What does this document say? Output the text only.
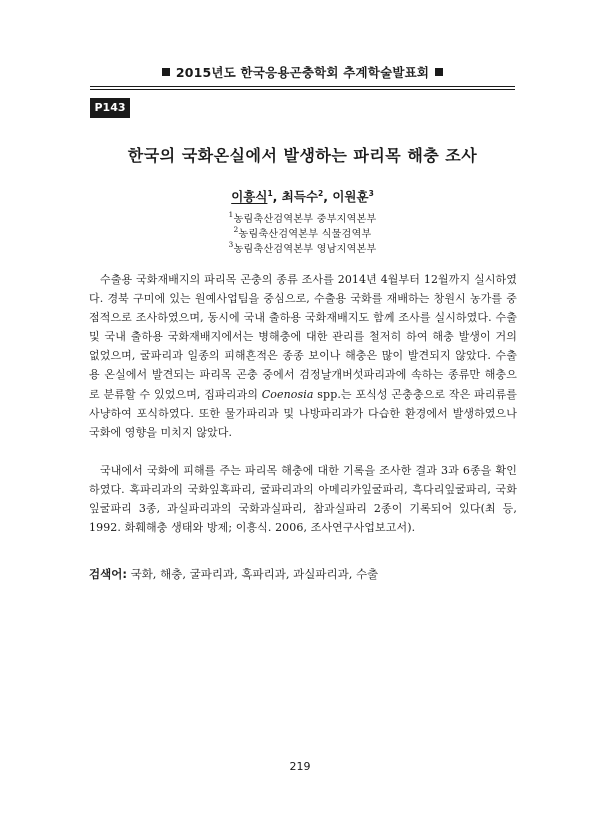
2015년도 한국응용곤충학회 추계학술발표회
P143
한국의 국화온실에서 발생하는 파리목 해충 조사
이흥식$^1$, 최득수$^2$, 이원훈$^3$
$^1$농림축산검역본부 중부지역본부
$^2$농림축산검역본부 식물검역부
$^3$농림축산검역본부 영남지역본부

수출용 국화재배지의 파리목 곤충의 종류 조사를 2014년 4월부터 12월까지 실시하였다. 경북 구미에 있는 원예사업팀을 중심으로, 수출용 국화를 재배하는 창원시 농가를 중점적으로 조사하였으며, 동시에 국내 출하용 국화재배지도 함께 조사를 실시하였다. 수출 및 국내 출하용 국화재배지에서는 병해충에 대한 관리를 철저히 하여 해충 발생이 거의 없었으며, 굴파리과 일종의 피해흔적은 종종 보이나 해충은 많이 발견되지 않았다. 수출용 온실에서 발견되는 파리목 곤충 중에서 검정날개버섯파리과에 속하는 종류만 해충으로 분류할 수 있었으며, 집파리과의 Coenosia spp.는 포식성 곤충충으로 작은 파리류를 사냥하여 포식하였다. 또한 물가파리과 및 나방파리과가 다습한 환경에서 발생하였으나 국화에 영향을 미치지 않았다.

국내에서 국화에 피해를 주는 파리목 해충에 대한 기록을 조사한 결과 3과 6종을 확인하였다. 혹파리과의 국화잎혹파리, 굴파리과의 아메리카잎굴파리, 흑다리잎굴파리, 국화잎굴파리 3종, 과실파리과의 국화과실파리, 참과실파리 2종이 기록되어 있다(최 등, 1992. 화훼해충 생태와 방제; 이흥식. 2006, 조사연구사업보고서).

검색어: 국화, 해충, 굴파리과, 혹파리과, 과실파리과, 수출
219
